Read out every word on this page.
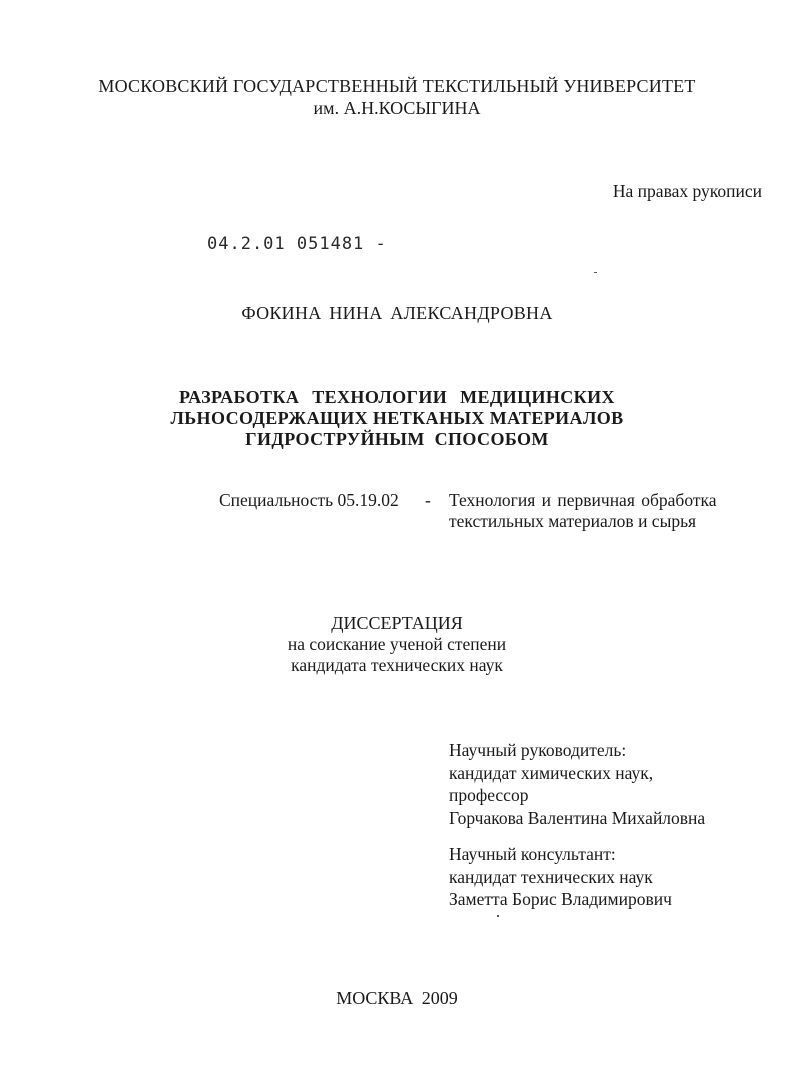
МОСКОВСКИЙ ГОСУДАРСТВЕННЫЙ ТЕКСТИЛЬНЫЙ УНИВЕРСИТЕТ
им. А.Н.КОСЫГИНА
На правах рукописи
04.2.01 051481 -
ФОКИНА НИНА АЛЕКСАНДРОВНА
РАЗРАБОТКА ТЕХНОЛОГИИ МЕДИЦИНСКИХ
ЛЬНОСОДЕРЖАЩИХ НЕТКАНЫХ МАТЕРИАЛОВ
ГИДРОСТРУЙНЫМ СПОСОБОМ
Специальность 05.19.02 - Технология и первичная обработка
текстильных материалов и сырья
ДИССЕРТАЦИЯ
на соискание ученой степени
кандидата технических наук
Научный руководитель:
кандидат химических наук,
профессор
Горчакова Валентина Михайловна
Научный консультант:
кандидат технических наук
Заметта Борис Владимирович
МОСКВА 2009
